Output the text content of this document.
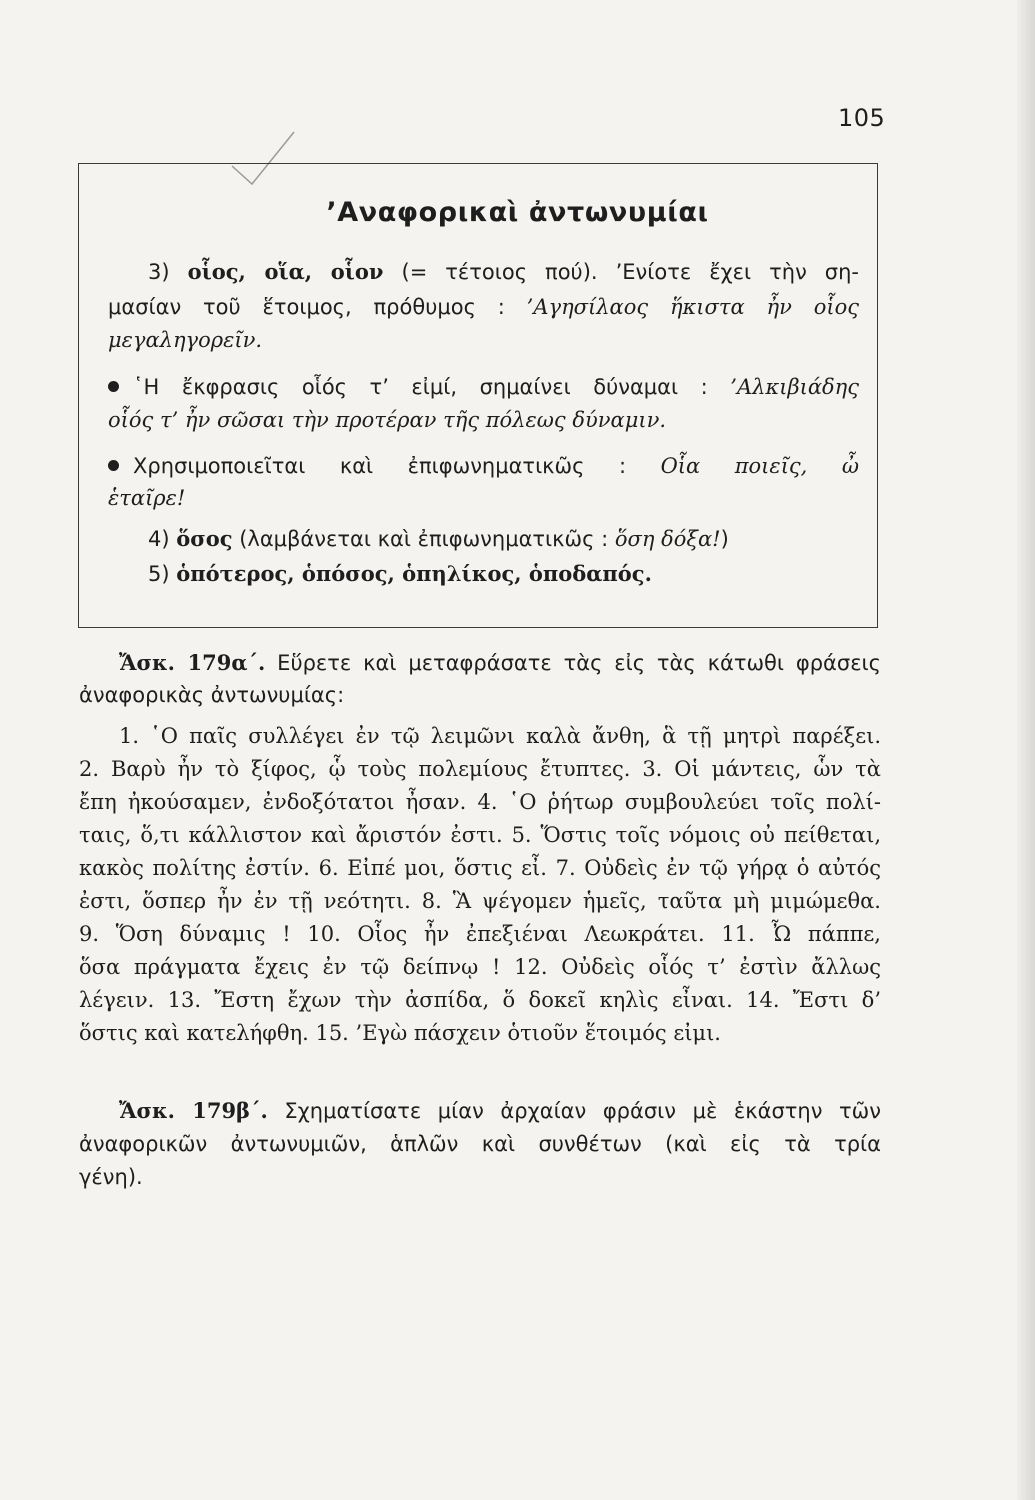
105
’Αναφορικαὶ ἀντωνυμίαι
3) οἷος, οἵα, οἷον (= τέτοιος πού). ’Ενίοτε ἔχει τὴν ση-
μασίαν τοῦ ἕτοιμος, πρόθυμος : ’Αγησίλαος ἥκιστα ἦν οἷος
μεγαληγορεῖν.
῾Η ἔκφρασις οἷός τ’ εἰμί, σημαίνει δύναμαι : ’Αλκιβιάδης
οἷός τ’ ἦν σῶσαι τὴν προτέραν τῆς πόλεως δύναμιν.
Χρησιμοποιεῖται καὶ ἐπιφωνηματικῶς : Οἷα ποιεῖς, ὦ
ἑταῖρε!
4) ὅσος (λαμβάνεται καὶ ἐπιφωνηματικῶς : ὅση δόξα!)
5) ὁπότερος, ὁπόσος, ὁπηλίκος, ὁποδαπός.
Ἄσκ. 179α΄. Εὕρετε καὶ μεταφράσατε τὰς εἰς τὰς κάτωθι φράσεις
ἀναφορικὰς ἀντωνυμίας:
1. ῾Ο παῖς συλλέγει ἐν τῷ λειμῶνι καλὰ ἄνθη, ἃ τῇ μητρὶ παρέξει.
2. Βαρὺ ἦν τὸ ξίφος, ᾧ τοὺς πολεμίους ἔτυπτες. 3. Οἱ μάντεις, ὧν τὰ
ἔπη ἠκούσαμεν, ἐνδοξότατοι ἦσαν. 4. ῾Ο ῥήτωρ συμβουλεύει τοῖς πολί-
ταις, ὅ,τι κάλλιστον καὶ ἄριστόν ἐστι. 5. Ὅστις τοῖς νόμοις οὐ πείθεται,
κακὸς πολίτης ἐστίν. 6. Εἰπέ μοι, ὅστις εἶ. 7. Οὐδεὶς ἐν τῷ γήρᾳ ὁ αὐτός
ἐστι, ὅσπερ ἦν ἐν τῇ νεότητι. 8. Ἃ ψέγομεν ἡμεῖς, ταῦτα μὴ μιμώμεθα.
9. Ὅση δύναμις ! 10. Οἷος ἦν ἐπεξιέναι Λεωκράτει. 11. Ὦ πάππε,
ὅσα πράγματα ἔχεις ἐν τῷ δείπνῳ ! 12. Οὐδεὶς οἷός τ’ ἐστὶν ἄλλως
λέγειν. 13. Ἔστη ἔχων τὴν ἀσπίδα, ὅ δοκεῖ κηλὶς εἶναι. 14. Ἔστι δ’
ὅστις καὶ κατελήφθη. 15. ’Εγὼ πάσχειν ὁτιοῦν ἕτοιμός εἰμι.
Ἄσκ. 179β΄. Σχηματίσατε μίαν ἀρχαίαν φράσιν μὲ ἑκάστην τῶν
ἀναφορικῶν ἀντωνυμιῶν, ἁπλῶν καὶ συνθέτων (καὶ εἰς τὰ τρία
γένη).
